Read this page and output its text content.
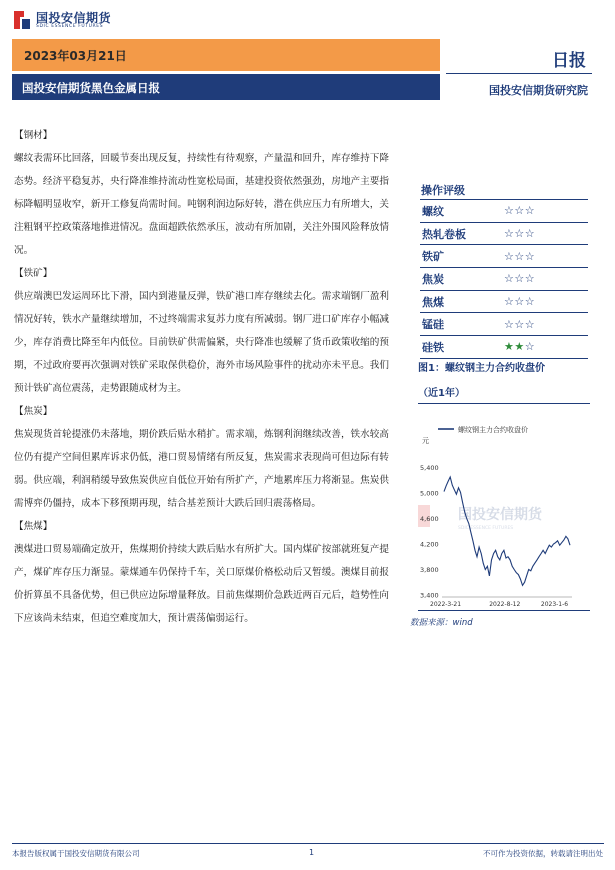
国投安信期货
SDIC ESSENCE FUTURES
2023年03月21日
国投安信期货黑色金属日报
日报
国投安信期货研究院
【钢材】
螺纹表需环比回落，回暖节奏出现反复，持续性有待观察，产量温和回升，库存维持下降态势。经济平稳复苏，央行降准维持流动性宽松局面，基建投资依然强劲，房地产主要指标降幅明显收窄，新开工修复尚需时间。吨钢利润边际好转，潜在供应压力有所增大，关注粗钢平控政策落地推进情况。盘面超跌依然承压，波动有所加剧，关注外围风险释放情况。
【铁矿】
供应端澳巴发运周环比下滑，国内到港量反弹，铁矿港口库存继续去化。需求端钢厂盈利情况好转，铁水产量继续增加，不过终端需求复苏力度有所减弱。钢厂进口矿库存小幅减少，库存消费比降至年内低位。目前铁矿供需偏紧，央行降准也缓解了货币政策收缩的预期，不过政府要再次强调对铁矿采取保供稳价，海外市场风险事件的扰动亦未平息。我们预计铁矿高位震荡，走势跟随成材为主。
【焦炭】
焦炭现货首轮提涨仍未落地，期价跌后贴水稍扩。需求端，炼钢利润继续改善，铁水较高位仍有提产空间但累库诉求仍低，港口贸易情绪有所反复，焦炭需求表现尚可但边际有转弱。供应端，利润稍缓导致焦炭供应自低位开始有所扩产，产地累库压力将渐显。焦炭供需博弈仍僵持，成本下移预期再现，结合基差预计大跌后回归震荡格局。
【焦煤】
澳煤进口贸易端确定放开，焦煤期价持续大跌后贴水有所扩大。国内煤矿按部就班复产提产，煤矿库存压力渐显。蒙煤通车仍保持千车，关口原煤价格松动后又暂缓。澳煤目前报价折算虽不具备优势，但已供应边际增量释放。目前焦煤期价急跌近两百元后，趋势性向下应该尚未结束，但追空难度加大，预计震荡偏弱运行。
操作评级
螺纹	☆☆☆
热轧卷板	☆☆☆
铁矿	☆☆☆
焦炭	☆☆☆
焦煤	☆☆☆
锰硅	☆☆☆
硅铁	★★☆
图1：螺纹钢主力合约收盘价
（近1年）
国投安信期货
SDIC ESSENCE FUTURES
螺纹钢主力合约收盘价
元
3,400
3,800
4,200
4,600
5,000
5,400
2022-3-21	2022-8-12	2023-1-6
数据来源：wind
本报告版权属于国投安信期货有限公司	1	不可作为投资依据，转载请注明出处
